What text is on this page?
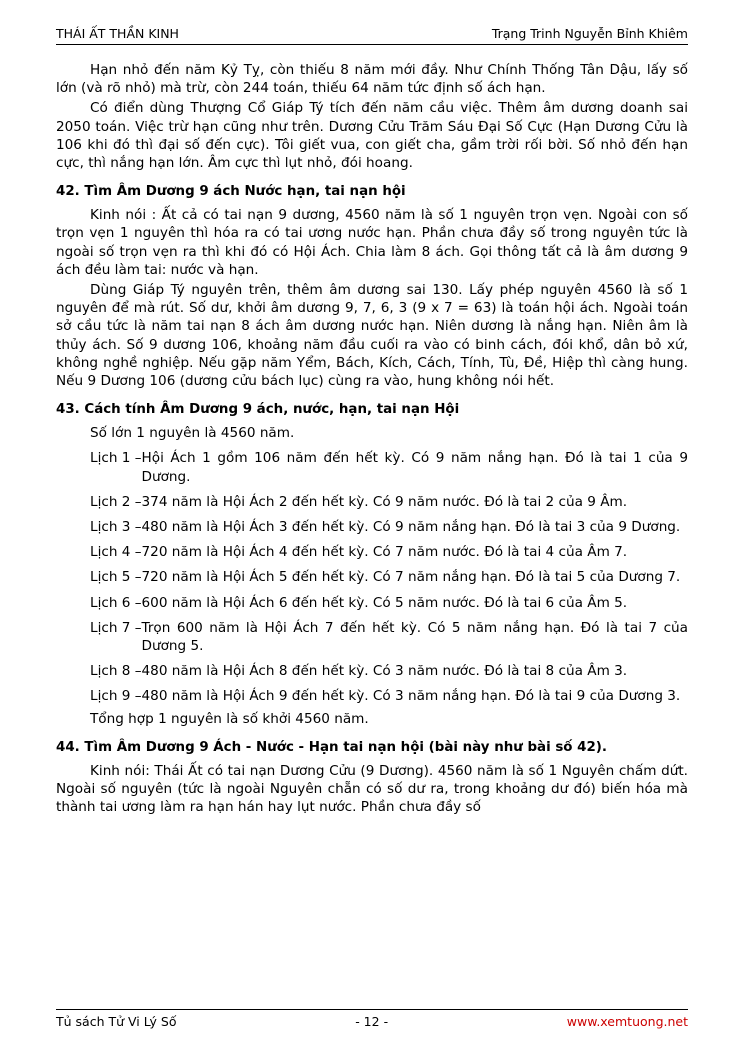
THÁI ẤT THẦN KINH	Trạng Trinh Nguyễn Bỉnh Khiêm

Hạn nhỏ đến năm Kỷ Tỵ, còn thiếu 8 năm mới đầy. Như Chính Thống Tân Dậu, lấy số lớn (và rõ nhỏ) mà trừ, còn 244 toán, thiếu 64 năm tức định số ách hạn.

Có điển dùng Thượng Cổ Giáp Tý tích đến năm cầu việc. Thêm âm dương doanh sai 2050 toán. Việc trừ hạn cũng như trên. Dương Cửu Trăm Sáu Đại Số Cực (Hạn Dương Cửu là 106 khi đó thì đại số đến cực). Tôi giết vua, con giết cha, gầm trời rối bời. Số nhỏ đến hạn cực, thì nắng hạn lớn. Âm cực thì lụt nhỏ, đói hoang.

42. Tìm Âm Dương 9 ách Nước hạn, tai nạn hội

Kinh nói : Ất cả có tai nạn 9 dương, 4560 năm là số 1 nguyên trọn vẹn. Ngoài con số trọn vẹn 1 nguyên thì hóa ra có tai ương nước hạn. Phần chưa đầy số trong nguyên tức là ngoài số trọn vẹn ra thì khi đó có Hội Ách. Chia làm 8 ách. Gọi thông tất cả là âm dương 9 ách đều làm tai: nước và hạn.

Dùng Giáp Tý nguyên trên, thêm âm dương sai 130. Lấy phép nguyên 4560 là số 1 nguyên để mà rút. Số dư, khởi âm dương 9, 7, 6, 3 (9 x 7 = 63) là toán hội ách. Ngoài toán sở cầu tức là năm tai nạn 8 ách âm dương nước hạn. Niên dương là nắng hạn. Niên âm là thủy ách. Số 9 dương 106, khoảng năm đầu cuối ra vào có binh cách, đói khổ, dân bỏ xứ, không nghề nghiệp. Nếu gặp năm Yểm, Bách, Kích, Cách, Tính, Tù, Đề, Hiệp thì càng hung. Nếu 9 Dương 106 (dương cửu bách lục) cùng ra vào, hung không nói hết.

43. Cách tính Âm Dương 9 ách, nước, hạn, tai nạn Hội

Số lớn 1 nguyên là 4560 năm.

Lịch 1 – Hội Ách 1 gồm 106 năm đến hết kỳ. Có 9 năm nắng hạn. Đó là tai 1 của 9 Dương.
Lịch 2 – 374 năm là Hội Ách 2 đến hết kỳ. Có 9 năm nước. Đó là tai 2 của 9 Âm.
Lịch 3 – 480 năm là Hội Ách 3 đến hết kỳ. Có 9 năm nắng hạn. Đó là tai 3 của 9 Dương.
Lịch 4 – 720 năm là Hội Ách 4 đến hết kỳ. Có 7 năm nước. Đó là tai 4 của Âm 7.
Lịch 5 – 720 năm là Hội Ách 5 đến hết kỳ. Có 7 năm nắng hạn. Đó là tai 5 của Dương 7.
Lịch 6 – 600 năm là Hội Ách 6 đến hết kỳ. Có 5 năm nước. Đó là tai 6 của Âm 5.
Lịch 7 – Trọn 600 năm là Hội Ách 7 đến hết kỳ. Có 5 năm nắng hạn. Đó là tai 7 của Dương 5.
Lịch 8 – 480 năm là Hội Ách 8 đến hết kỳ. Có 3 năm nước. Đó là tai 8 của Âm 3.
Lịch 9 – 480 năm là Hội Ách 9 đến hết kỳ. Có 3 năm nắng hạn. Đó là tai 9 của Dương 3.

Tổng hợp 1 nguyên là số khởi 4560 năm.

44. Tìm Âm Dương 9 Ách - Nước - Hạn tai nạn hội (bài này như bài số 42).

Kinh nói: Thái Ất có tai nạn Dương Cửu (9 Dương). 4560 năm là số 1 Nguyên chấm dứt. Ngoài số nguyên (tức là ngoài Nguyên chẵn có số dư ra, trong khoảng dư đó) biến hóa mà thành tai ương làm ra hạn hán hay lụt nước. Phần chưa đầy số

Tủ sách Tử Vi Lý Số	- 12 -	www.xemtuong.net
